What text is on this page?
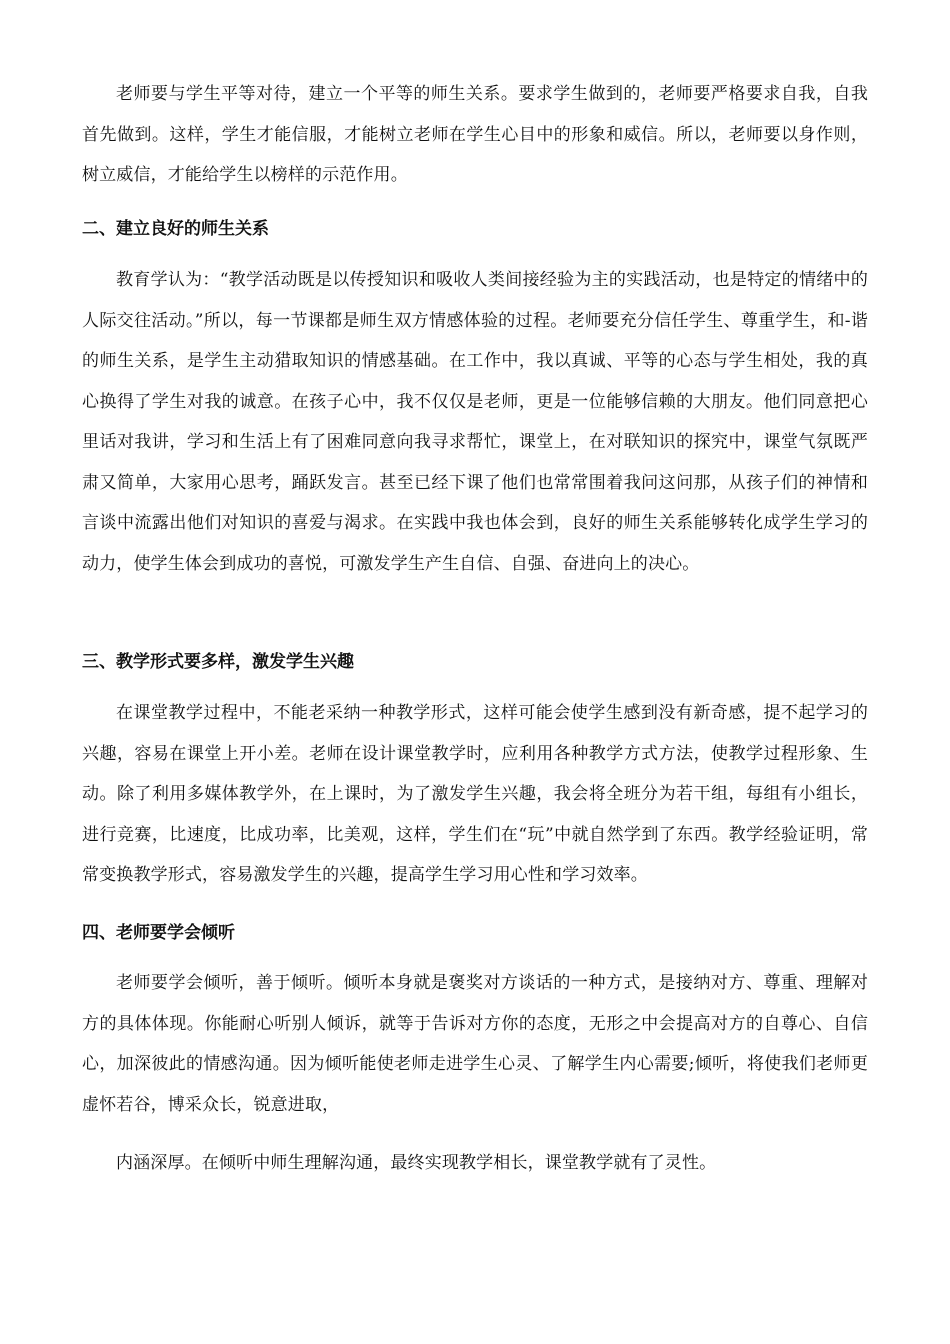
老师要与学生平等对待，建立一个平等的师生关系。要求学生做到的，老师要严格要求自我，自我首先做到。这样，学生才能信服，才能树立老师在学生心目中的形象和威信。所以，老师要以身作则，树立威信，才能给学生以榜样的示范作用。

二、建立良好的师生关系

教育学认为：“教学活动既是以传授知识和吸收人类间接经验为主的实践活动，也是特定的情绪中的人际交往活动。”所以，每一节课都是师生双方情感体验的过程。老师要充分信任学生、尊重学生，和-谐的师生关系，是学生主动猎取知识的情感基础。在工作中，我以真诚、平等的心态与学生相处，我的真心换得了学生对我的诚意。在孩子心中，我不仅仅是老师，更是一位能够信赖的大朋友。他们同意把心里话对我讲，学习和生活上有了困难同意向我寻求帮忙，课堂上，在对联知识的探究中，课堂气氛既严肃又简单，大家用心思考，踊跃发言。甚至已经下课了他们也常常围着我问这问那，从孩子们的神情和言谈中流露出他们对知识的喜爱与渴求。在实践中我也体会到，良好的师生关系能够转化成学生学习的动力，使学生体会到成功的喜悦，可激发学生产生自信、自强、奋进向上的决心。

三、教学形式要多样，激发学生兴趣

在课堂教学过程中，不能老采纳一种教学形式，这样可能会使学生感到没有新奇感，提不起学习的兴趣，容易在课堂上开小差。老师在设计课堂教学时，应利用各种教学方式方法，使教学过程形象、生动。除了利用多媒体教学外，在上课时，为了激发学生兴趣，我会将全班分为若干组，每组有小组长，进行竞赛，比速度，比成功率，比美观，这样，学生们在“玩”中就自然学到了东西。教学经验证明，常常变换教学形式，容易激发学生的兴趣，提高学生学习用心性和学习效率。

四、老师要学会倾听

老师要学会倾听，善于倾听。倾听本身就是褒奖对方谈话的一种方式，是接纳对方、尊重、理解对方的具体体现。你能耐心听别人倾诉，就等于告诉对方你的态度，无形之中会提高对方的自尊心、自信心，加深彼此的情感沟通。因为倾听能使老师走进学生心灵、了解学生内心需要;倾听，将使我们老师更虚怀若谷，博采众长，锐意进取，

内涵深厚。在倾听中师生理解沟通，最终实现教学相长，课堂教学就有了灵性。
